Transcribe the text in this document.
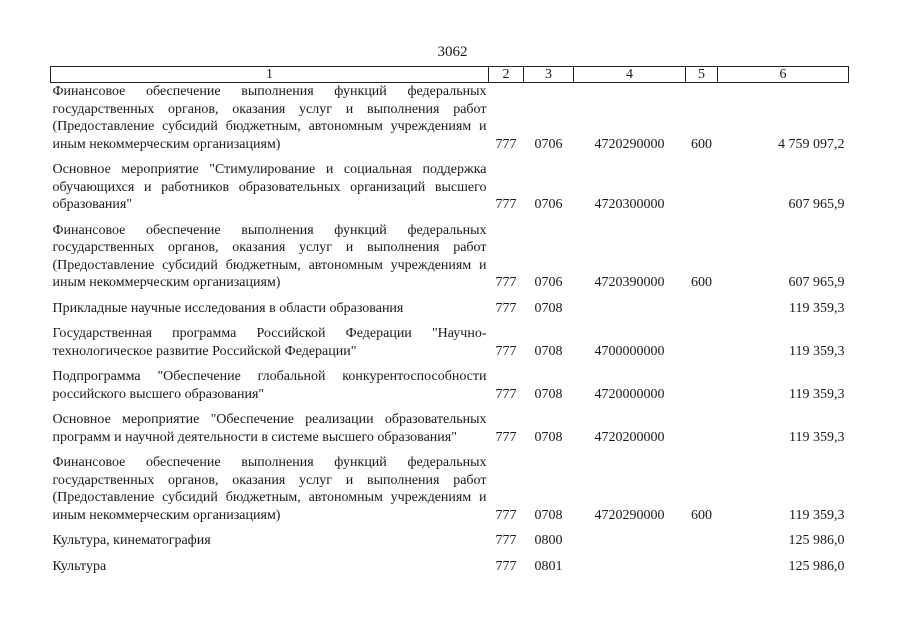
3062
1	2	3	4	5	6
Финансовое обеспечение выполнения функций федеральных государственных органов, оказания услуг и выполнения работ (Предоставление субсидий бюджетным, автономным учреждениям и иным некоммерческим организациям)	777	0706	4720290000	600	4 759 097,2
Основное мероприятие "Стимулирование и социальная поддержка обучающихся и работников образовательных организаций высшего образования"	777	0706	4720300000		607 965,9
Финансовое обеспечение выполнения функций федеральных государственных органов, оказания услуг и выполнения работ (Предоставление субсидий бюджетным, автономным учреждениям и иным некоммерческим организациям)	777	0706	4720390000	600	607 965,9
Прикладные научные исследования в области образования	777	0708			119 359,3
Государственная программа Российской Федерации "Научно-технологическое развитие Российской Федерации"	777	0708	4700000000		119 359,3
Подпрограмма "Обеспечение глобальной конкурентоспособности российского высшего образования"	777	0708	4720000000		119 359,3
Основное мероприятие "Обеспечение реализации образовательных программ и научной деятельности в системе высшего образования"	777	0708	4720200000		119 359,3
Финансовое обеспечение выполнения функций федеральных государственных органов, оказания услуг и выполнения работ (Предоставление субсидий бюджетным, автономным учреждениям и иным некоммерческим организациям)	777	0708	4720290000	600	119 359,3
Культура, кинематография	777	0800			125 986,0
Культура	777	0801			125 986,0
